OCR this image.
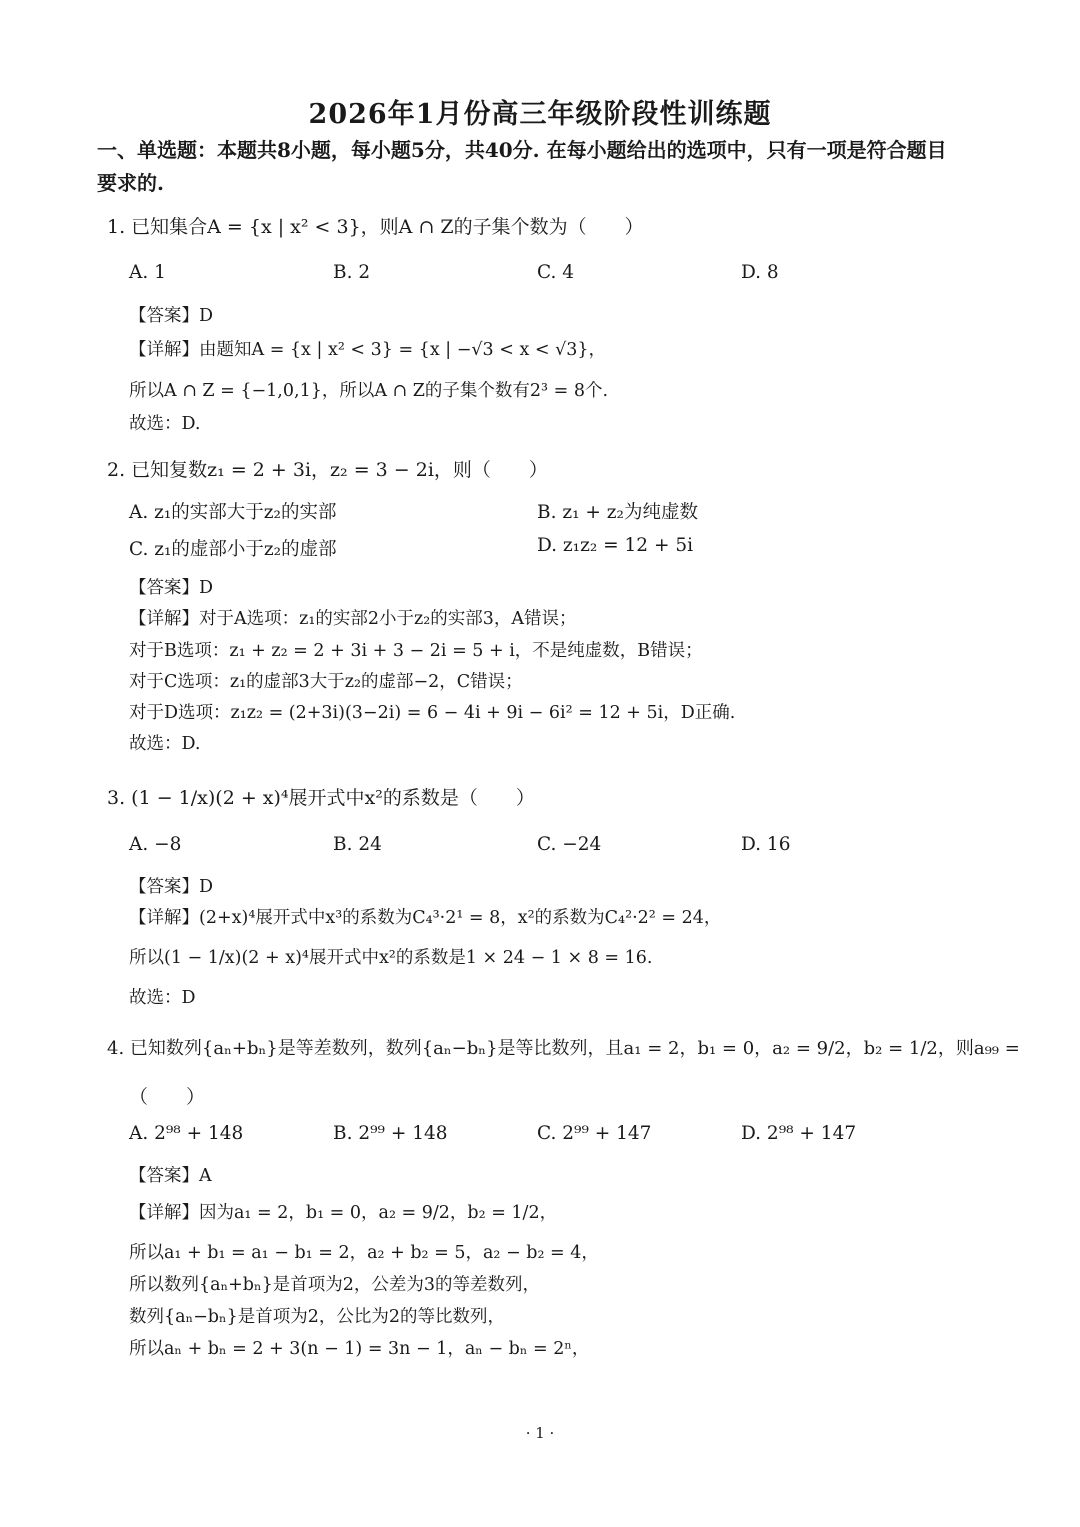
2026年1月份高三年级阶段性训练题
一、单选题：本题共8小题，每小题5分，共40分. 在每小题给出的选项中，只有一项是符合题目
要求的.
1. 已知集合A = {x | x² < 3}，则A ∩ Z的子集个数为（　　）
A. 1	B. 2	C. 4	D. 8
【答案】D
【详解】由题知A = {x | x² < 3} = {x | −√3 < x < √3}，
所以A ∩ Z = {−1,0,1}，所以A ∩ Z的子集个数有2³ = 8个.
故选：D.
2. 已知复数z₁ = 2 + 3i，z₂ = 3 − 2i，则（　　）
A. z₁的实部大于z₂的实部	B. z₁ + z₂为纯虚数
C. z₁的虚部小于z₂的虚部	D. z₁z₂ = 12 + 5i
【答案】D
【详解】对于A选项：z₁的实部2小于z₂的实部3，A错误；
对于B选项：z₁ + z₂ = 2 + 3i + 3 − 2i = 5 + i，不是纯虚数，B错误；
对于C选项：z₁的虚部3大于z₂的虚部−2，C错误；
对于D选项：z₁z₂ = (2+3i)(3−2i) = 6 − 4i + 9i − 6i² = 12 + 5i，D正确.
故选：D.
3. (1 − 1/x)(2 + x)⁴展开式中x²的系数是（　　）
A. −8	B. 24	C. −24	D. 16
【答案】D
【详解】(2+x)⁴展开式中x³的系数为C₄³·2¹ = 8，x²的系数为C₄²·2² = 24，
所以(1 − 1/x)(2 + x)⁴展开式中x²的系数是1 × 24 − 1 × 8 = 16.
故选：D
4. 已知数列{aₙ+bₙ}是等差数列，数列{aₙ−bₙ}是等比数列，且a₁ = 2，b₁ = 0，a₂ = 9/2，b₂ = 1/2，则a₉₉ =
（　　）
A. 2⁹⁸ + 148	B. 2⁹⁹ + 148	C. 2⁹⁹ + 147	D. 2⁹⁸ + 147
【答案】A
【详解】因为a₁ = 2，b₁ = 0，a₂ = 9/2，b₂ = 1/2，
所以a₁ + b₁ = a₁ − b₁ = 2，a₂ + b₂ = 5，a₂ − b₂ = 4，
所以数列{aₙ+bₙ}是首项为2，公差为3的等差数列，
数列{aₙ−bₙ}是首项为2，公比为2的等比数列，
所以aₙ + bₙ = 2 + 3(n − 1) = 3n − 1，aₙ − bₙ = 2ⁿ，
· 1 ·
